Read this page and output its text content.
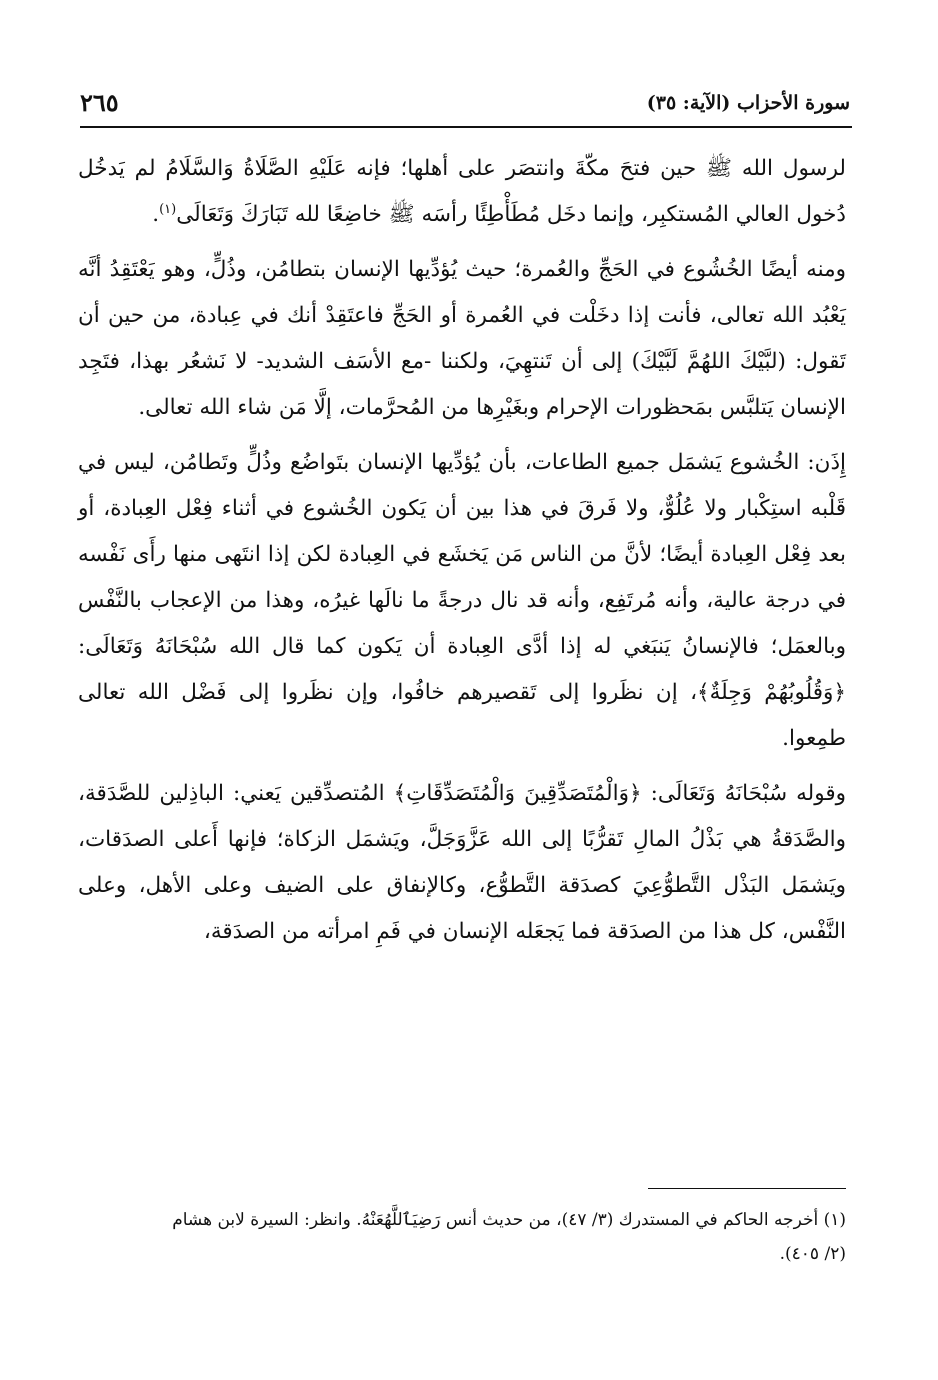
سورة الأحزاب (الآية: ٣٥)
٢٦٥

لرسول الله ﷺ حين فتحَ مكّةَ وانتصَر على أهلها؛ فإنه عَلَيْهِ الصَّلَاةُ وَالسَّلَامُ لم يَدخُل دُخول العالي المُستكبِر، وإنما دخَل مُطَأْطِئًا رأسَه ﷺ خاضِعًا لله تَبَارَكَ وَتَعَالَى$^{(١)}$.

ومنه أيضًا الخُشُوع في الحَجِّ والعُمرة؛ حيث يُؤدِّيها الإنسان بتطامُن، وذُلٍّ، وهو يَعْتَقِدُ أنَّه يَعْبُد الله تعالى، فأنت إذا دخَلْت في العُمرة أو الحَجِّ فاعتَقِدْ أنك في عِبادة، من حين أن تَقول: (لبَّيْكَ اللهُمَّ لَبَّيْكَ) إلى أن تَنتهِيَ، ولكننا -مع الأسَف الشديد- لا نَشعُر بهذا، فتَجِد الإنسان يَتلبَّس بمَحظورات الإحرام وبغَيْرِها من المُحرَّمات، إلَّا مَن شاء الله تعالى.

إِذَن: الخُشوع يَشمَل جميع الطاعات، بأن يُؤدِّيها الإنسان بتَواضُع وذُلٍّ وتَطامُن، ليس في قَلْبه استِكْبار ولا عُلُوٌّ، ولا فَرقَ في هذا بين أن يَكون الخُشوع في أثناء فِعْل العِبادة، أو بعد فِعْل العِبادة أيضًا؛ لأنَّ من الناس مَن يَخشَع في العِبادة لكن إذا انتَهى منها رأَى نَفْسه في درجة عالية، وأنه مُرتَفِع، وأنه قد نال درجةً ما نالَها غيرُه، وهذا من الإعجاب بالنَّفْس وبالعمَل؛ فالإنسانُ يَنبَغي له إذا أدَّى العِبادة أن يَكون كما قال الله سُبْحَانَهُ وَتَعَالَى: ﴿وَقُلُوبُهُمْ وَجِلَةٌ﴾، إن نظَروا إلى تَقصيرهم خافُوا، وإن نظَروا إلى فَضْل الله تعالى طمِعوا.

وقوله سُبْحَانَهُ وَتَعَالَى: ﴿وَالْمُتَصَدِّقِينَ وَالْمُتَصَدِّقَاتِ﴾ المُتصدِّقين يَعني: الباذِلين للصَّدَقة، والصَّدَقةُ هي بَذْلُ المالِ تَقرُّبًا إلى الله عَزَّوَجَلَّ، ويَشمَل الزكاة؛ فإنها أَعلى الصدَقات، ويَشمَل البَذْل التَّطوُّعِيَ كصدَقة التَّطوُّع، وكالإنفاق على الضيف وعلى الأهل، وعلى النَّفْس، كل هذا من الصدَقة فما يَجعَله الإنسان في فَمِ امرأته من الصدَقة،

(١) أخرجه الحاكم في المستدرك (٣/ ٤٧)، من حديث أنس رَضِيَٱللَّهُعَنْهُ. وانظر: السيرة لابن هشام
(٢/ ٤٠٥).
